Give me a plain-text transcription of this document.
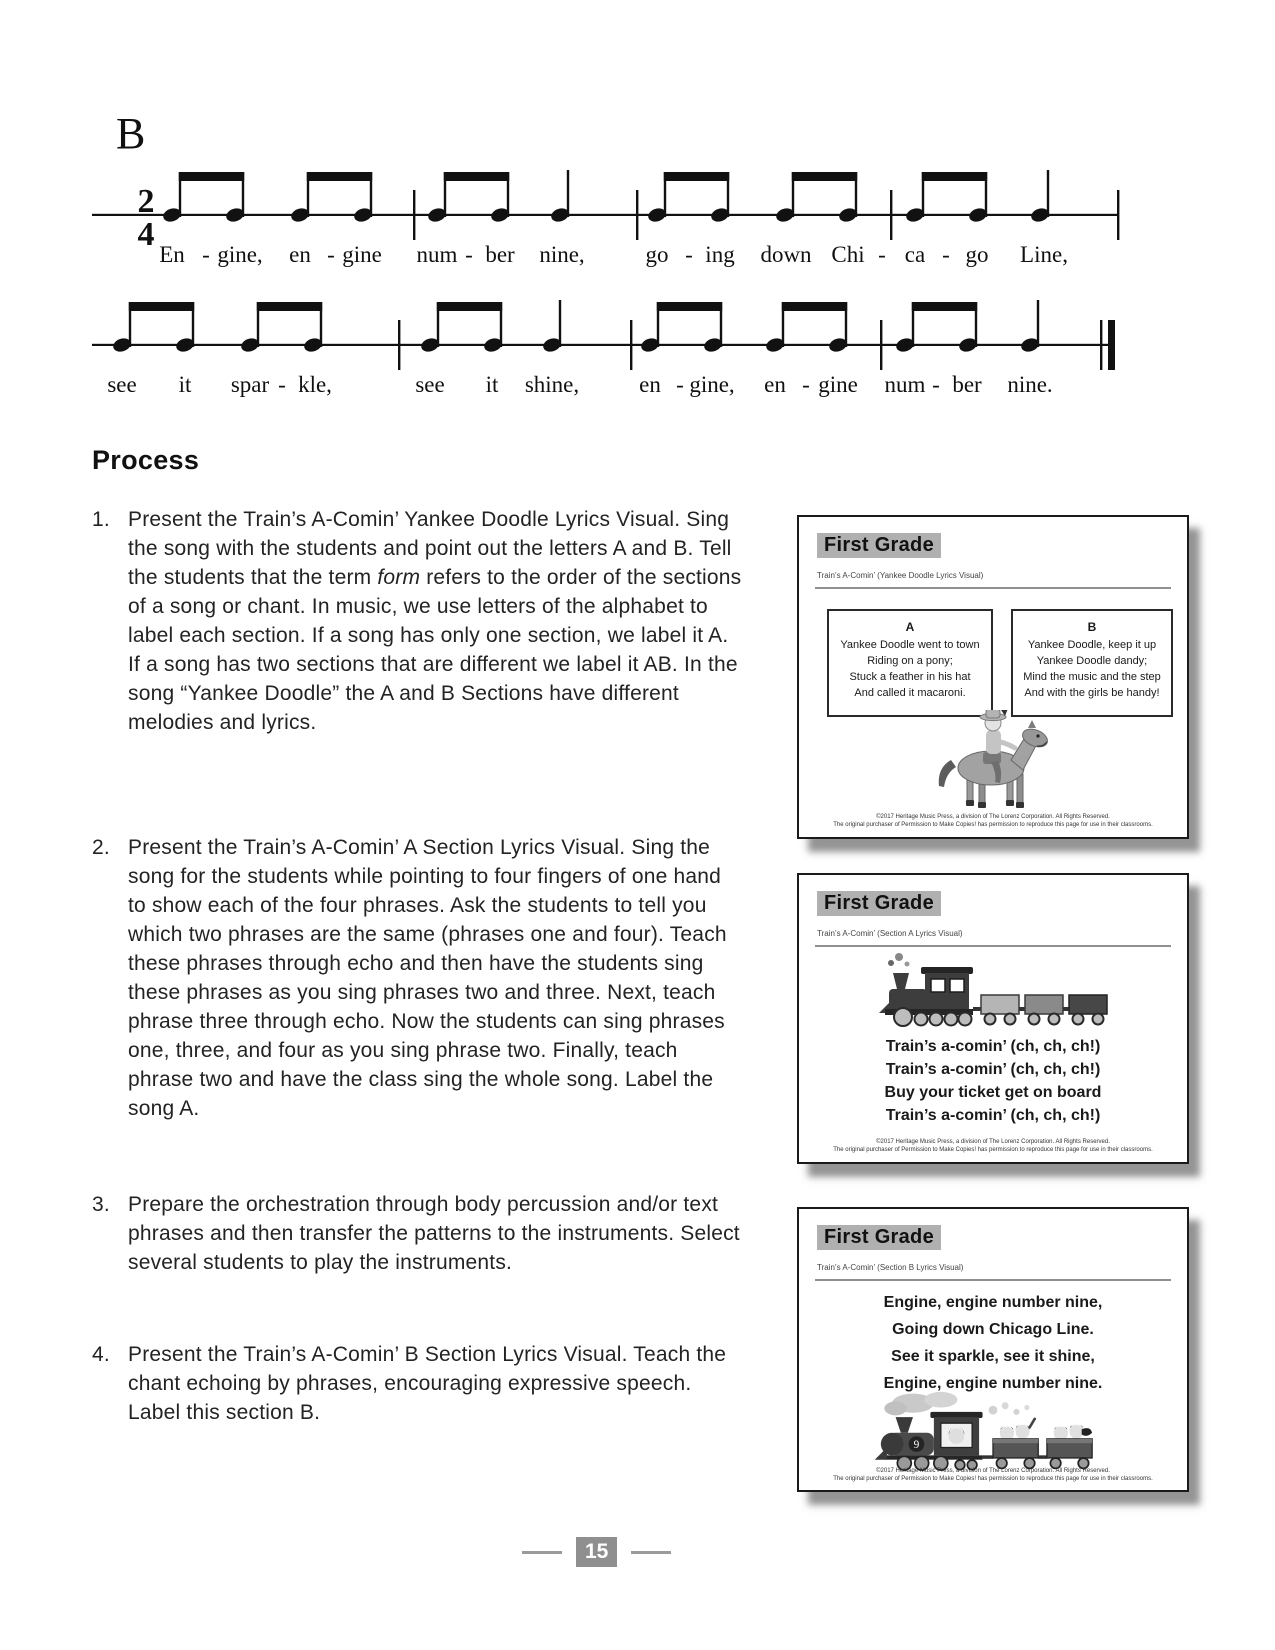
B
2
4
En - gine, en - gine num - ber nine,	go - ing down Chi - ca - go Line,
see it spar - kle,	see it shine,	en - gine, en - gine num - ber nine.
Process
1. Present the Train’s A-Comin’ Yankee Doodle Lyrics Visual. Sing the song with the students and point out the letters A and B. Tell the students that the term form refers to the order of the sections of a song or chant. In music, we use letters of the alphabet to label each section. If a song has only one section, we label it A. If a song has two sections that are different we label it AB. In the song “Yankee Doodle” the A and B Sections have different melodies and lyrics.
2. Present the Train’s A-Comin’ A Section Lyrics Visual. Sing the song for the students while pointing to four fingers of one hand to show each of the four phrases. Ask the students to tell you which two phrases are the same (phrases one and four). Teach these phrases through echo and then have the students sing these phrases as you sing phrases two and three. Next, teach phrase three through echo. Now the students can sing phrases one, three, and four as you sing phrase two. Finally, teach phrase two and have the class sing the whole song. Label the song A.
3. Prepare the orchestration through body percussion and/or text phrases and then transfer the patterns to the instruments. Select several students to play the instruments.
4. Present the Train’s A-Comin’ B Section Lyrics Visual. Teach the chant echoing by phrases, encouraging expressive speech. Label this section B.
First Grade
Train’s A-Comin’ (Yankee Doodle Lyrics Visual)
A
Yankee Doodle went to town
Riding on a pony;
Stuck a feather in his hat
And called it macaroni.
B
Yankee Doodle, keep it up
Yankee Doodle dandy;
Mind the music and the step
And with the girls be handy!
©2017 Heritage Music Press, a division of The Lorenz Corporation. All Rights Reserved.
The original purchaser of Permission to Make Copies! has permission to reproduce this page for use in their classrooms.
First Grade
Train’s A-Comin’ (Section A Lyrics Visual)
Train’s a-comin’ (ch, ch, ch!)
Train’s a-comin’ (ch, ch, ch!)
Buy your ticket get on board
Train’s a-comin’ (ch, ch, ch!)
©2017 Heritage Music Press, a division of The Lorenz Corporation. All Rights Reserved.
The original purchaser of Permission to Make Copies! has permission to reproduce this page for use in their classrooms.
First Grade
Train’s A-Comin’ (Section B Lyrics Visual)
Engine, engine number nine,
Going down Chicago Line.
See it sparkle, see it shine,
Engine, engine number nine.
9
©2017 Heritage Music Press, a division of The Lorenz Corporation. All Rights Reserved.
The original purchaser of Permission to Make Copies! has permission to reproduce this page for use in their classrooms.
15
